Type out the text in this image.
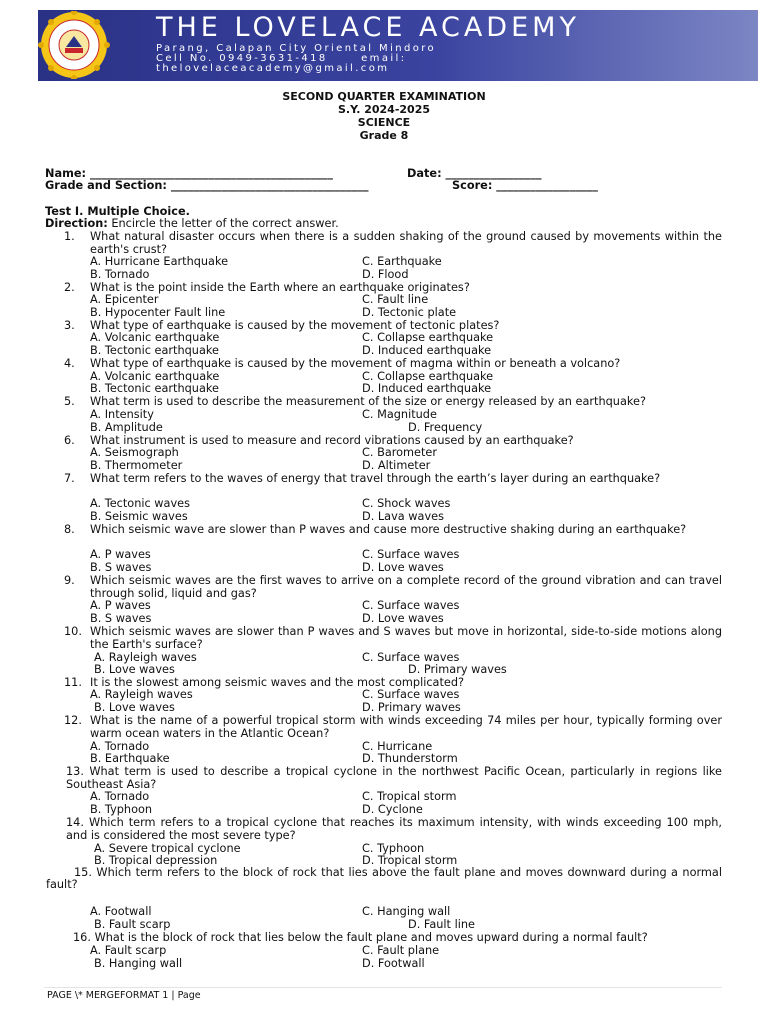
THE LOVELACE ACADEMY
Parang, Calapan City Oriental Mindoro
Cell No. 0949-3631-418      email:
thelovelaceacademy@gmail.com
SECOND QUARTER EXAMINATION
S.Y. 2024-2025
SCIENCE
Grade 8
Name: ___________________________________________	Date: _________________
Grade and Section: ___________________________________	Score: __________________
Test I. Multiple Choice.
Direction: Encircle the letter of the correct answer.
1. What natural disaster occurs when there is a sudden shaking of the ground caused by movements within the earth's crust?
A. Hurricane Earthquake	C. Earthquake
B. Tornado	D. Flood
2. What is the point inside the Earth where an earthquake originates?
A. Epicenter	C. Fault line
B. Hypocenter Fault line	D. Tectonic plate
3. What type of earthquake is caused by the movement of tectonic plates?
A. Volcanic earthquake	C. Collapse earthquake
B. Tectonic earthquake	D. Induced earthquake
4. What type of earthquake is caused by the movement of magma within or beneath a volcano?
A. Volcanic earthquake	C. Collapse earthquake
B. Tectonic earthquake	D. Induced earthquake
5. What term is used to describe the measurement of the size or energy released by an earthquake?
A. Intensity	C. Magnitude
B. Amplitude	D. Frequency
6. What instrument is used to measure and record vibrations caused by an earthquake?
A. Seismograph	C. Barometer
B. Thermometer	D. Altimeter
7. What term refers to the waves of energy that travel through the earth’s layer during an earthquake?
A. Tectonic waves	C. Shock waves
B. Seismic waves	D. Lava waves
8. Which seismic wave are slower than P waves and cause more destructive shaking during an earthquake?
A. P waves	C. Surface waves
B. S waves	D. Love waves
9. Which seismic waves are the first waves to arrive on a complete record of the ground vibration and can travel through solid, liquid and gas?
A. P waves	C. Surface waves
B. S waves	D. Love waves
10. Which seismic waves are slower than P waves and S waves but move in horizontal, side-to-side motions along the Earth's surface?
A. Rayleigh waves	C. Surface waves
B. Love waves	D. Primary waves
11. It is the slowest among seismic waves and the most complicated?
A. Rayleigh waves	C. Surface waves
B. Love waves	D. Primary waves
12. What is the name of a powerful tropical storm with winds exceeding 74 miles per hour, typically forming over warm ocean waters in the Atlantic Ocean?
A. Tornado	C. Hurricane
B. Earthquake	D. Thunderstorm
13. What term is used to describe a tropical cyclone in the northwest Pacific Ocean, particularly in regions like Southeast Asia?
A. Tornado	C. Tropical storm
B. Typhoon	D. Cyclone
14. Which term refers to a tropical cyclone that reaches its maximum intensity, with winds exceeding 100 mph, and is considered the most severe type?
A. Severe tropical cyclone	C. Typhoon
B. Tropical depression	D. Tropical storm
15. Which term refers to the block of rock that lies above the fault plane and moves downward during a normal fault?
A. Footwall	C. Hanging wall
B. Fault scarp	D. Fault line
16. What is the block of rock that lies below the fault plane and moves upward during a normal fault?
A. Fault scarp	C. Fault plane
B. Hanging wall	D. Footwall
PAGE \* MERGEFORMAT 1 | Page
